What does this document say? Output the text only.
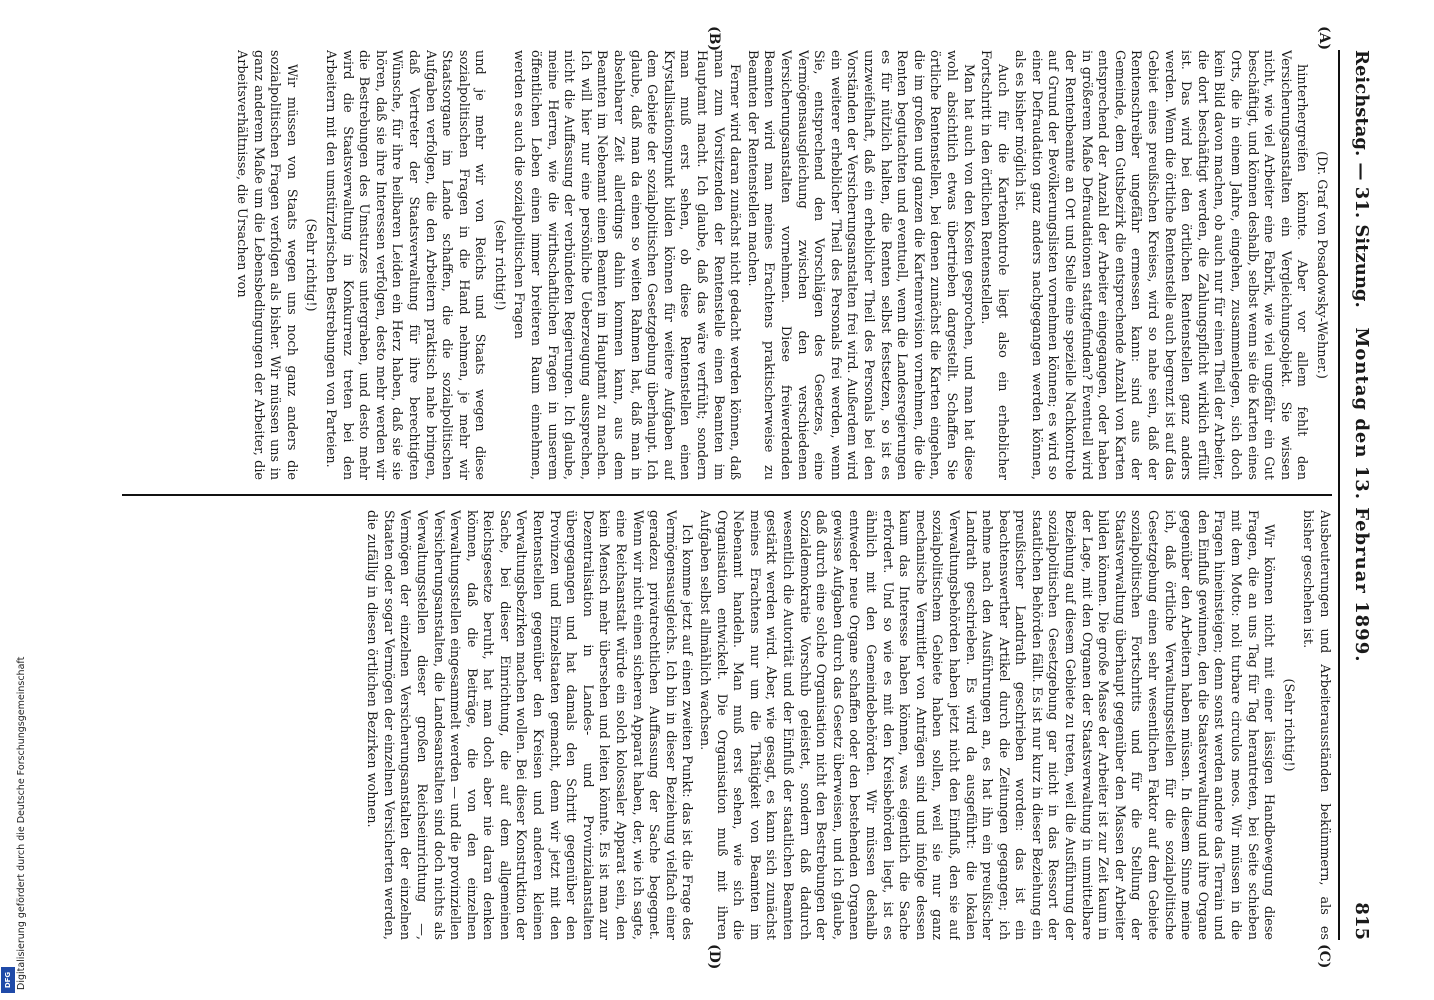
Reichstag. — 31. Sitzung.
Montag den 13. Februar 1899.
815
(A)
(B)
(C)
(D)

(Dr. Graf von Posadowsky-Wehner.)

hinterhergreifen könnte. Aber vor allem fehlt den Versicherungsanstalten ein Vergleichungsobjekt. Sie wissen nicht, wie viel Arbeiter eine Fabrik, wie viel ungefähr ein Gut beschäftigt, und können deshalb, selbst wenn sie die Karten eines Orts, die in einem Jahre, eingehen, zusammenlegen, sich doch kein Bild davon machen, ob auch nur für einen Theil der Arbeiter, die dort beschäftigt werden, die Zahlungspflicht wirklich erfüllt ist. Das wird bei den örtlichen Rentenstellen ganz anders werden. Wenn die örtliche Rentenstelle auch begrenzt ist auf das Gebiet eines preußischen Kreises, wird so nahe sein, daß der Rentenschreiber ungefähr ermessen kann: sind aus der Gemeinde, dem Gutsbezirk die entsprechende Anzahl von Karten entsprechend der Anzahl der Arbeiter eingegangen, oder haben in größerem Maße Defraudationen stattgefunden? Eventuell wird der Rentenbeamte an Ort und Stelle eine spezielle Nachkontrole auf Grund der Bevölkerungslisten vornehmen können; es wird so einer Defraudation ganz anders nachgegangen werden können, als es bisher möglich ist.

Auch für die Kartenkontrole liegt also ein erheblicher Fortschritt in den örtlichen Rentenstellen.

Man hat auch von den Kosten gesprochen, und man hat diese wohl absichtlich etwas übertrieben dargestellt. Schaffen Sie örtliche Rentenstellen, bei denen zunächst die Karten eingehen, die im großen und ganzen die Kartenrevision vornehmen, die die Renten begutachten und eventuell, wenn die Landesregierungen es für nützlich halten, die Renten selbst festsetzen, so ist es unzweifelhaft, daß ein erheblicher Theil des Personals bei den Vorständen der Versicherungsanstalten frei wird. Außerdem wird ein weiterer erheblicher Theil des Personals frei werden, wenn Sie, entsprechend den Vorschlägen des Gesetzes, eine Vermögensausgleichung zwischen den verschiedenen Versicherungsanstalten vornehmen. Diese freiwerdenden Beamten wird man meines Erachtens praktischerweise zu Beamten der Rentenstellen machen.

Ferner wird daran zunächst nicht gedacht werden können, daß man zum Vorsitzenden der Rentenstelle einen Beamten im Hauptamt macht. Ich glaube, daß das wäre verfrüht; sondern man muß erst sehen, ob diese Rentenstellen einen Krystallisationspunkt bilden können für weitere Aufgaben auf dem Gebiete der sozialpolitischen Gesetzgebung überhaupt. Ich glaube, daß man da einen so weiten Rahmen hat, daß man in absehbarer Zeit allerdings dahin kommen kann, aus dem Beamten im Nebenamt einen Beamten im Hauptamt zu machen. Ich will hier nur eine persönliche Ueberzeugung aussprechen, nicht die Auffassung der verbündeten Regierungen. Ich glaube, meine Herren, wie die wirthschaftlichen Fragen in unserem öffentlichen Leben einen immer breiteren Raum einnehmen, werden es auch die sozialpolitischen Fragen

(sehr richtig!)

und je mehr wir von Reichs und Staats wegen diese sozialpolitischen Fragen in die Hand nehmen, je mehr wir Staatsorgane im Lande schaffen, die die sozialpolitischen Aufgaben verfolgen, die den Arbeitern praktisch nahe bringen, daß Vertreter der Staatsverwaltung für ihre berechtigten Wünsche, für ihre heilbaren Leiden ein Herz haben, daß sie sie hören, daß sie ihre Interessen verfolgen, desto mehr werden wir die Bestrebungen des Umsturzes untergraben, und desto mehr wird die Staatsverwaltung in Konkurrenz treten bei den Arbeitern mit den umstürzlerischen Bestrebungen von Parteien.

(Sehr richtig!)

Wir müssen von Staats wegen uns noch ganz anders die sozialpolitischen Fragen verfolgen als bisher. Wir müssen uns in ganz anderem Maße um die Lebensbedingungen der Arbeiter, die Arbeitsverhältnisse, die Ursachen von

Ausbeuterungen und Arbeiterausständen bekümmern, als es bisher geschehen ist.

(Sehr richtig!)

Wir können nicht mit einer lässigen Handbewegung diese Fragen, die an uns Tag für Tag herantreten, bei Seite schieben mit dem Motto: noli turbare circulos meos. Wir müssen in die Fragen hineinsteigen; denn sonst werden andere das Terrain und den Einfluß gewinnen, den die Staatsverwaltung und ihre Organe gegenüber den Arbeitern haben müssen. In diesem Sinne meine ich, daß örtliche Verwaltungsstellen für die sozialpolitische Gesetzgebung einen sehr wesentlichen Faktor auf dem Gebiete sozialpolitischen Fortschritts und für die Stellung der Staatsverwaltung überhaupt gegenüber den Massen der Arbeiter bilden können. Die große Masse der Arbeiter ist zur Zeit kaum in der Lage, mit den Organen der Staatsverwaltung in unmittelbare Beziehung auf diesem Gebiete zu treten, weil die Ausführung der sozialpolitischen Gesetzgebung gar nicht in das Ressort der staatlichen Behörden fällt. Es ist nur kurz in dieser Beziehung ein preußischer Landrath geschrieben worden: das ist ein beachtenswerther Artikel durch die Zeitungen gegangen; ich nehme nach den Ausführungen an, es hat ihn ein preußischer Landrath geschrieben. Es wird da ausgeführt: die lokalen Verwaltungsbehörden haben jetzt nicht den Einfluß, den sie auf sozialpolitischem Gebiete haben sollen, weil sie nur ganz mechanische Vermittler von Anträgen sind und infolge dessen kaum das Interesse haben können, was eigentlich die Sache erfordert. Und so wie es mit den Kreisbehörden liegt, ist es ähnlich mit den Gemeindebehörden. Wir müssen deshalb entweder neue Organe schaffen oder den bestehenden Organen gewisse Aufgaben durch das Gesetz überweisen, und ich glaube, daß durch eine solche Organisation nicht den Bestrebungen der Sozialdemokratie Vorschub geleistet, sondern daß dadurch wesentlich die Autorität und der Einfluß der staatlichen Beamten gestärkt werden wird. Aber, wie gesagt, es kann sich zunächst meines Erachtens nur um die Thätigkeit von Beamten im Nebenamt handeln. Man muß erst sehen, wie sich die Organisation entwickelt. Die Organisation muß mit ihren Aufgaben selbst allmählich wachsen.

Ich komme jetzt auf einen zweiten Punkt: das ist die Frage des Vermögensausgleichs. Ich bin in dieser Beziehung vielfach einer geradezu privatrechtlichen Auffassung der Sache begegnet. Wenn wir nicht einen sicheren Apparat haben, der, wie ich sagte, eine Reichsanstalt würde ein solch kolossaler Apparat sein, den kein Mensch mehr übersehen und leiten könnte. Es ist man zur Dezentralisation in Landes- und Provinzialanstalten übergegangen und hat damals den Schritt gegenüber den Provinzen und Einzelstaaten gemacht, denn wir jetzt mit den Rentenstellen gegenüber den Kreisen und anderen kleinen Verwaltungsbezirken machen wollen. Bei dieser Konstruktion der Sache, bei dieser Einrichtung, die auf dem allgemeinen Reichsgesetze beruht, hat man doch aber nie daran denken können, daß die Beiträge, die von den einzelnen Verwaltungsstellen eingesammelt werden — und die provinziellen Versicherungsanstalten, die Landesanstalten sind doch nichts als Verwaltungsstellen dieser großen Reichseinrichtung —, Vermögen der einzelnen Versicherungsanstalten der einzelnen Staaten oder sogar Vermögen der einzelnen Versicherten werden, die zufällig in diesen örtlichen Bezirken wohnen.

Digitalisierung gefördert durch die Deutsche Forschungsgemeinschaft
DFG
